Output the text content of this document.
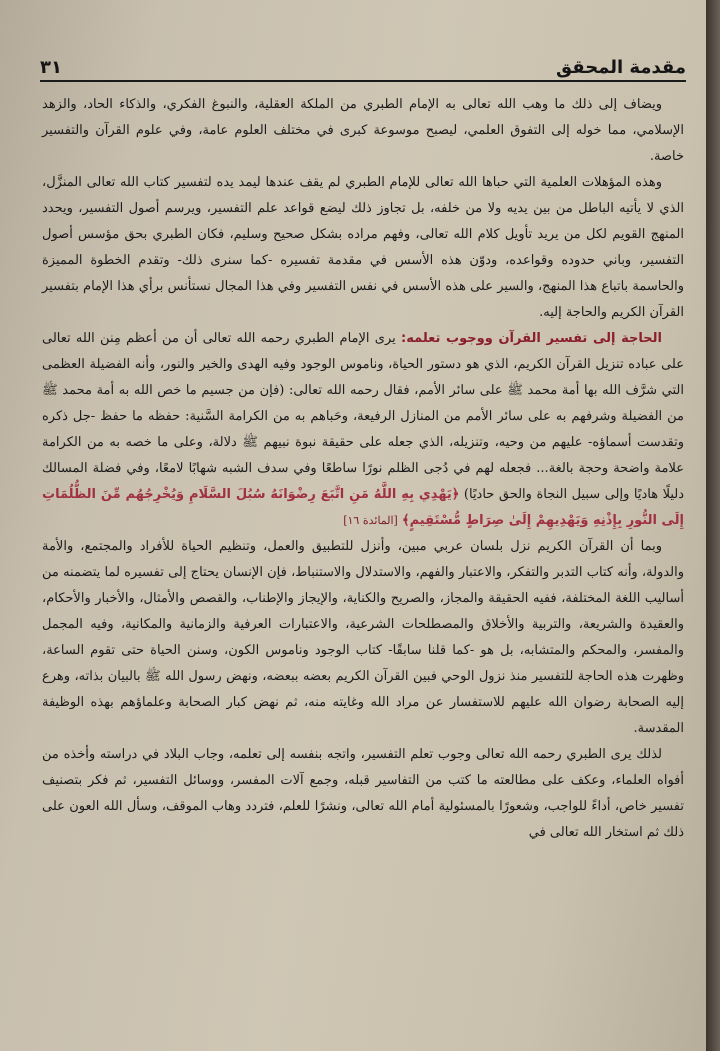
٣١	مقدمة المحقق

ويضاف إلى ذلك ما وهب الله تعالى به الإمام الطبري من الملكة العقلية، والنبوغ الفكري، والذكاء الحاد، والزهد الإسلامي، مما خوله إلى التفوق العلمي، ليصبح موسوعة كبرى في مختلف العلوم عامة، وفي علوم القرآن والتفسير خاصة.

وهذه المؤهلات العلمية التي حباها الله تعالى للإمام الطبري لم يقف عندها ليمد يده لتفسير كتاب الله تعالى المنزَّل، الذي لا يأتيه الباطل من بين يديه ولا من خلفه، بل تجاوز ذلك ليضع قواعد علم التفسير، ويرسم أصول التفسير، ويحدد المنهج القويم لكل من يريد تأويل كلام الله تعالى، وفهم مراده بشكل صحيح وسليم، فكان الطبري بحق مؤسس أصول التفسير، وباني حدوده وقواعده، ودوّن هذه الأسس في مقدمة تفسيره -كما سنرى ذلك- وتقدم الخطوة المميزة والحاسمة باتباع هذا المنهج، والسير على هذه الأسس في نفس التفسير وفي هذا المجال نستأنس برأي هذا الإمام بتفسير القرآن الكريم والحاجة إليه.

الحاجة إلى تفسير القرآن ووجوب تعلمه: يرى الإمام الطبري رحمه الله تعالى أن من أعظم مِنن الله تعالى على عباده تنزيل القرآن الكريم، الذي هو دستور الحياة، وناموس الوجود وفيه الهدى والخير والنور، وأنه الفضيلة العظمى التي شرَّف الله بها أمة محمد ﷺ على سائر الأمم، فقال رحمه الله تعالى: (فإن من جسيم ما خص الله به أمة محمد ﷺ من الفضيلة وشرفهم به على سائر الأمم من المنازل الرفيعة، وحَباهم به من الكرامة السَّنية: حفظه ما حفظ -جل ذكره وتقدست أسماؤه- عليهم من وحيه، وتنزيله، الذي جعله على حقيقة نبوة نبيهم ﷺ دلالة، وعلى ما خصه به من الكرامة علامة واضحة وحجة بالغة... فجعله لهم في دُجى الظلم نورًا ساطعًا وفي سدف الشبه شهابًا لامعًا، وفي فضلة المسالك دليلًا هاديًا وإلى سبيل النجاة والحق حاديًا) ﴿يَهْدِي بِهِ اللَّهُ مَنِ اتَّبَعَ رِضْوَانَهُ سُبُلَ السَّلَامِ وَيُخْرِجُهُم مِّنَ الظُّلُمَاتِ إِلَى النُّورِ بِإِذْنِهِ وَيَهْدِيهِمْ إِلَىٰ صِرَاطٍ مُّسْتَقِيمٍ﴾ [المائدة ١٦]

وبما أن القرآن الكريم نزل بلسان عربي مبين، وأنزل للتطبيق والعمل، وتنظيم الحياة للأفراد والمجتمع، والأمة والدولة، وأنه كتاب التدبر والتفكر، والاعتبار والفهم، والاستدلال والاستنباط، فإن الإنسان يحتاج إلى تفسيره لما يتضمنه من أساليب اللغة المختلفة، ففيه الحقيقة والمجاز، والصريح والكناية، والإيجاز والإطناب، والقصص والأمثال، والأخبار والأحكام، والعقيدة والشريعة، والتربية والأخلاق والمصطلحات الشرعية، والاعتبارات العرفية والزمانية والمكانية، وفيه المجمل والمفسر، والمحكم والمتشابه، بل هو -كما قلنا سابقًا- كتاب الوجود وناموس الكون، وسنن الحياة حتى تقوم الساعة، وظهرت هذه الحاجة للتفسير منذ نزول الوحي فبين القرآن الكريم بعضه ببعضه، ونهض رسول الله ﷺ بالبيان بذاته، وهرع إليه الصحابة رضوان الله عليهم للاستفسار عن مراد الله وغايته منه، ثم نهض كبار الصحابة وعلماؤهم بهذه الوظيفة المقدسة.

لذلك يرى الطبري رحمه الله تعالى وجوب تعلم التفسير، واتجه بنفسه إلى تعلمه، وجاب البلاد في دراسته وأخذه من أفواه العلماء، وعكف على مطالعته ما كتب من التفاسير قبله، وجمع آلات المفسر، ووسائل التفسير، ثم فكر بتصنيف تفسير خاص، أداءً للواجب، وشعورًا بالمسئولية أمام الله تعالى، ونشرًا للعلم، فتردد وهاب الموقف، وسأل الله العون على ذلك ثم استخار الله تعالى في
